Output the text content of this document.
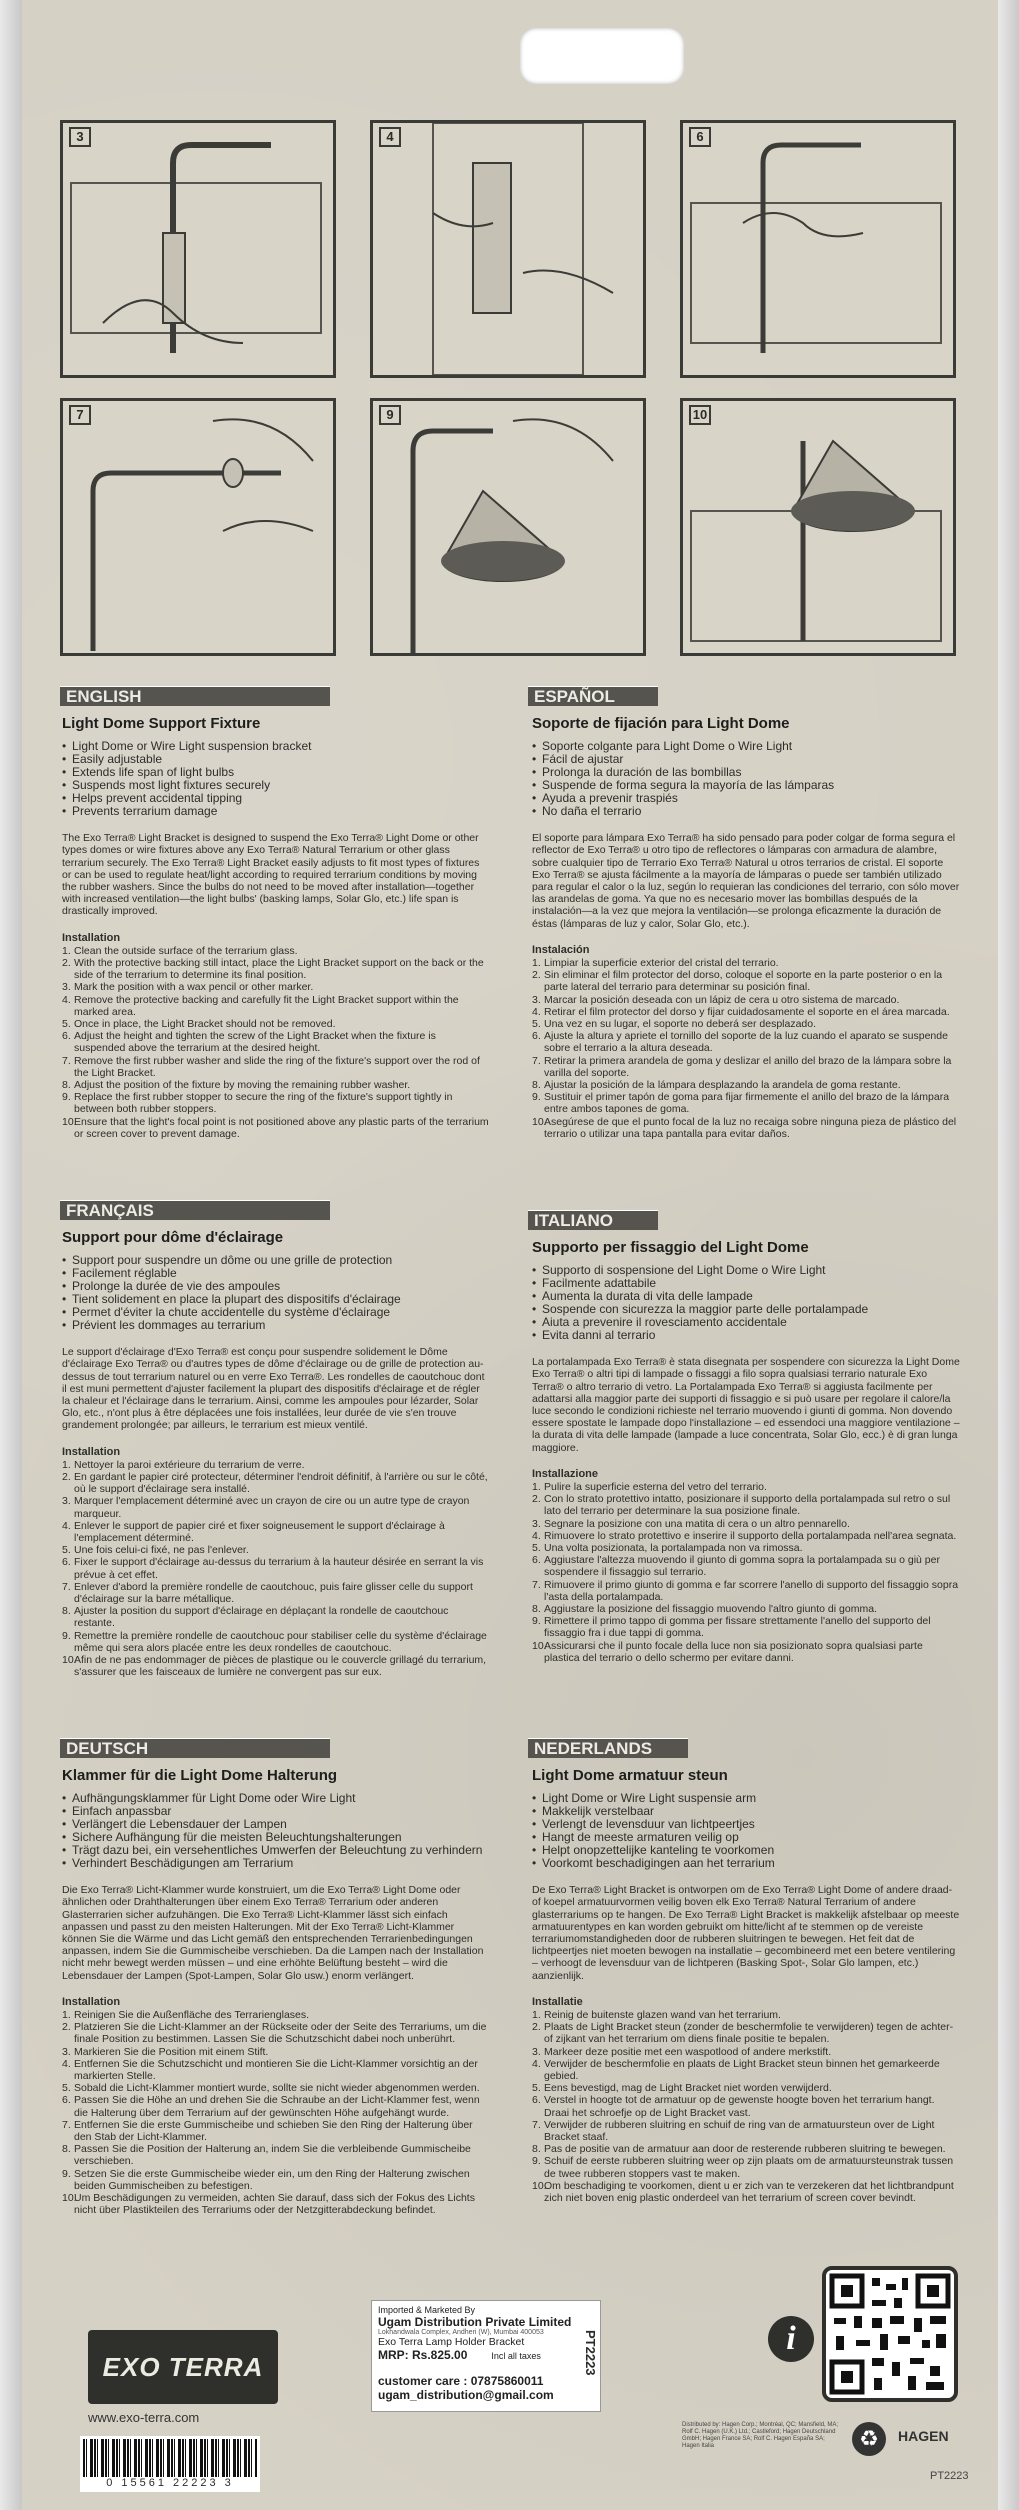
3	4	6
7	9	10
ENGLISH	ESPAÑOL
FRANÇAIS
ITALIANO
DEUTSCH	NEDERLANDS
Light Dome Support Fixture
• Light Dome or Wire Light suspension bracket
• Easily adjustable
• Extends life span of light bulbs
• Suspends most light fixtures securely
• Helps prevent accidental tipping
• Prevents terrarium damage

The Exo Terra® Light Bracket is designed to suspend the Exo Terra® Light Dome or other types domes or wire fixtures above any Exo Terra® Natural Terrarium or other glass terrarium securely. The Exo Terra® Light Bracket easily adjusts to fit most types of fixtures or can be used to regulate heat/light according to required terrarium conditions by moving the rubber washers. Since the bulbs do not need to be moved after installation—together with increased ventilation—the light bulbs' (basking lamps, Solar Glo, etc.) life span is drastically improved.

Installation
1. Clean the outside surface of the terrarium glass.
2. With the protective backing still intact, place the Light Bracket support on the back or the side of the terrarium to determine its final position.
3. Mark the position with a wax pencil or other marker.
4. Remove the protective backing and carefully fit the Light Bracket support within the marked area.
5. Once in place, the Light Bracket should not be removed.
6. Adjust the height and tighten the screw of the Light Bracket when the fixture is suspended above the terrarium at the desired height.
7. Remove the first rubber washer and slide the ring of the fixture's support over the rod of the Light Bracket.
8. Adjust the position of the fixture by moving the remaining rubber washer.
9. Replace the first rubber stopper to secure the ring of the fixture's support tightly in between both rubber stoppers.
10.
Ensure that the light's focal point is not positioned above any plastic parts of the terrarium or screen cover to prevent damage.
Soporte de fijación para Light Dome
• Soporte colgante para Light Dome o Wire Light
• Fácil de ajustar
• Prolonga la duración de las bombillas
• Suspende de forma segura la mayoría de las lámparas
• Ayuda a prevenir traspiés
• No daña el terrario

El soporte para lámpara Exo Terra® ha sido pensado para poder colgar de forma segura el reflector de Exo Terra® u otro tipo de reflectores o lámparas con armadura de alambre, sobre cualquier tipo de Terrario Exo Terra® Natural u otros terrarios de cristal. El soporte Exo Terra® se ajusta fácilmente a la mayoría de lámparas o puede ser también utilizado para regular el calor o la luz, según lo requieran las condiciones del terrario, con sólo mover las arandelas de goma. Ya que no es necesario mover las bombillas después de la instalación—a la vez que mejora la ventilación—se prolonga eficazmente la duración de éstas (lámparas de luz y calor, Solar Glo, etc.).

Instalación
1. Limpiar la superficie exterior del cristal del terrario.
2. Sin eliminar el film protector del dorso, coloque el soporte en la parte posterior o en la parte lateral del terrario para determinar su posición final.
3. Marcar la posición deseada con un lápiz de cera u otro sistema de marcado.
4. Retirar el film protector del dorso y fijar cuidadosamente el soporte en el área marcada.
5. Una vez en su lugar, el soporte no deberá ser desplazado.
6. Ajuste la altura y apriete el tornillo del soporte de la luz cuando el aparato se suspende sobre el terrario a la altura deseada.
7. Retirar la primera arandela de goma y deslizar el anillo del brazo de la lámpara sobre la varilla del soporte.
8. Ajustar la posición de la lámpara desplazando la arandela de goma restante.
9. Sustituir el primer tapón de goma para fijar firmemente el anillo del brazo de la lámpara entre ambos tapones de goma.
10.
Asegúrese de que el punto focal de la luz no recaiga sobre ninguna pieza de plástico del terrario o utilizar una tapa pantalla para evitar daños.
Support pour dôme d'éclairage
• Support pour suspendre un dôme ou une grille de protection
• Facilement réglable
• Prolonge la durée de vie des ampoules
• Tient solidement en place la plupart des dispositifs d'éclairage
• Permet d'éviter la chute accidentelle du système d'éclairage
• Prévient les dommages au terrarium

Le support d'éclairage d'Exo Terra® est conçu pour suspendre solidement le Dôme d'éclairage Exo Terra® ou d'autres types de dôme d'éclairage ou de grille de protection au-dessus de tout terrarium naturel ou en verre Exo Terra®. Les rondelles de caoutchouc dont il est muni permettent d'ajuster facilement la plupart des dispositifs d'éclairage et de régler la chaleur et l'éclairage dans le terrarium. Ainsi, comme les ampoules pour lézarder, Solar Glo, etc., n'ont plus à être déplacées une fois installées, leur durée de vie s'en trouve grandement prolongée; par ailleurs, le terrarium est mieux ventilé.

Installation
1. Nettoyer la paroi extérieure du terrarium de verre.
2. En gardant le papier ciré protecteur, déterminer l'endroit définitif, à l'arrière ou sur le côté, où le support d'éclairage sera installé.
3. Marquer l'emplacement déterminé avec un crayon de cire ou un autre type de crayon marqueur.
4. Enlever le support de papier ciré et fixer soigneusement le support d'éclairage à l'emplacement déterminé.
5. Une fois celui-ci fixé, ne pas l'enlever.
6. Fixer le support d'éclairage au-dessus du terrarium à la hauteur désirée en serrant la vis prévue à cet effet.
7. Enlever d'abord la première rondelle de caoutchouc, puis faire glisser celle du support d'éclairage sur la barre métallique.
8. Ajuster la position du support d'éclairage en déplaçant la rondelle de caoutchouc restante.
9. Remettre la première rondelle de caoutchouc pour stabiliser celle du système d'éclairage même qui sera alors placée entre les deux rondelles de caoutchouc.
10.
Afin de ne pas endommager de pièces de plastique ou le couvercle grillagé du terrarium, s'assurer que les faisceaux de lumière ne convergent pas sur eux.
Supporto per fissaggio del Light Dome
• Supporto di sospensione del Light Dome o Wire Light
• Facilmente adattabile
• Aumenta la durata di vita delle lampade
• Sospende con sicurezza la maggior parte delle portalampade
• Aiuta a prevenire il rovesciamento accidentale
• Evita danni al terrario

La portalampada Exo Terra® è stata disegnata per sospendere con sicurezza la Light Dome Exo Terra® o altri tipi di lampade o fissaggi a filo sopra qualsiasi terrario naturale Exo Terra® o altro terrario di vetro. La Portalampada Exo Terra® si aggiusta facilmente per adattarsi alla maggior parte dei supporti di fissaggio e si può usare per regolare il calore/la luce secondo le condizioni richieste nel terrario muovendo i giunti di gomma. Non dovendo essere spostate le lampade dopo l'installazione – ed essendoci una maggiore ventilazione – la durata di vita delle lampade (lampade a luce concentrata, Solar Glo, ecc.) è di gran lunga maggiore.

Installazione
1. Pulire la superficie esterna del vetro del terrario.
2. Con lo strato protettivo intatto, posizionare il supporto della portalampada sul retro o sul lato del terrario per determinare la sua posizione finale.
3. Segnare la posizione con una matita di cera o un altro pennarello.
4. Rimuovere lo strato protettivo e inserire il supporto della portalampada nell'area segnata.
5. Una volta posizionata, la portalampada non va rimossa.
6. Aggiustare l'altezza muovendo il giunto di gomma sopra la portalampada su o giù per sospendere il fissaggio sul terrario.
7. Rimuovere il primo giunto di gomma e far scorrere l'anello di supporto del fissaggio sopra l'asta della portalampada.
8. Aggiustare la posizione del fissaggio muovendo l'altro giunto di gomma.
9. Rimettere il primo tappo di gomma per fissare strettamente l'anello del supporto del fissaggio fra i due tappi di gomma.
10.
Assicurarsi che il punto focale della luce non sia posizionato sopra qualsiasi parte plastica del terrario o dello schermo per evitare danni.
Klammer für die Light Dome Halterung
• Aufhängungsklammer für Light Dome oder Wire Light
• Einfach anpassbar
• Verlängert die Lebensdauer der Lampen
• Sichere Aufhängung für die meisten Beleuchtungshalterungen
• Trägt dazu bei, ein versehentliches Umwerfen der Beleuchtung zu verhindern
• Verhindert Beschädigungen am Terrarium

Die Exo Terra® Licht-Klammer wurde konstruiert, um die Exo Terra® Light Dome oder ähnlichen oder Drahthalterungen über einem Exo Terra® Terrarium oder anderen Glasterrarien sicher aufzuhängen. Die Exo Terra® Licht-Klammer lässt sich einfach anpassen und passt zu den meisten Halterungen. Mit der Exo Terra® Licht-Klammer können Sie die Wärme und das Licht gemäß den entsprechenden Terrarienbedingungen anpassen, indem Sie die Gummischeibe verschieben. Da die Lampen nach der Installation nicht mehr bewegt werden müssen – und eine erhöhte Belüftung besteht – wird die Lebensdauer der Lampen (Spot-Lampen, Solar Glo usw.) enorm verlängert.

Installation
1. Reinigen Sie die Außenfläche des Terrarienglases.
2. Platzieren Sie die Licht-Klammer an der Rückseite oder der Seite des Terrariums, um die finale Position zu bestimmen. Lassen Sie die Schutzschicht dabei noch unberührt.
3. Markieren Sie die Position mit einem Stift.
4. Entfernen Sie die Schutzschicht und montieren Sie die Licht-Klammer vorsichtig an der markierten Stelle.
5. Sobald die Licht-Klammer montiert wurde, sollte sie nicht wieder abgenommen werden.
6. Passen Sie die Höhe an und drehen Sie die Schraube an der Licht-Klammer fest, wenn die Halterung über dem Terrarium auf der gewünschten Höhe aufgehängt wurde.
7. Entfernen Sie die erste Gummischeibe und schieben Sie den Ring der Halterung über den Stab der Licht-Klammer.
8. Passen Sie die Position der Halterung an, indem Sie die verbleibende Gummischeibe verschieben.
9. Setzen Sie die erste Gummischeibe wieder ein, um den Ring der Halterung zwischen beiden Gummischeiben zu befestigen.
10.
Um Beschädigungen zu vermeiden, achten Sie darauf, dass sich der Fokus des Lichts nicht über Plastikteilen des Terrariums oder der Netzgitterabdeckung befindet.
Light Dome armatuur steun
• Light Dome or Wire Light suspensie arm
• Makkelijk verstelbaar
• Verlengt de levensduur van lichtpeertjes
• Hangt de meeste armaturen veilig op
• Helpt onopzettelijke kanteling te voorkomen
• Voorkomt beschadigingen aan het terrarium

De Exo Terra® Light Bracket is ontworpen om de Exo Terra® Light Dome of andere draad- of koepel armatuurvormen veilig boven elk Exo Terra® Natural Terrarium of andere glasterrariums op te hangen. De Exo Terra® Light Bracket is makkelijk afstelbaar op meeste armatuurentypes en kan worden gebruikt om hitte/licht af te stemmen op de vereiste terrariumomstandigheden door de rubberen sluitringen te bewegen. Het feit dat de lichtpeertjes niet moeten bewogen na installatie – gecombineerd met een betere ventilering – verhoogt de levensduur van de lichtperen (Basking Spot-, Solar Glo lampen, etc.) aanzienlijk.

Installatie
1. Reinig de buitenste glazen wand van het terrarium.
2. Plaats de Light Bracket steun (zonder de beschermfolie te verwijderen) tegen de achter- of zijkant van het terrarium om diens finale positie te bepalen.
3. Markeer deze positie met een waspotlood of andere merkstift.
4. Verwijder de beschermfolie en plaats de Light Bracket steun binnen het gemarkeerde gebied.
5. Eens bevestigd, mag de Light Bracket niet worden verwijderd.
6. Verstel in hoogte tot de armatuur op de gewenste hoogte boven het terrarium hangt. Draai het schroefje op de Light Bracket vast.
7. Verwijder de rubberen sluitring en schuif de ring van de armatuursteun over de Light Bracket staaf.
8. Pas de positie van de armatuur aan door de resterende rubberen sluitring te bewegen.
9. Schuif de eerste rubberen sluitring weer op zijn plaats om de armatuursteunstrak tussen de twee rubberen stoppers vast te maken.
10.
Om beschadiging te voorkomen, dient u er zich van te verzekeren dat het lichtbrandpunt zich niet boven enig plastic onderdeel van het terrarium of screen cover bevindt.
EXO TERRA
www.exo-terra.com
0 15561 22223 3
Imported & Marketed By
Ugam Distribution Private Limited
Lokhandwala Complex, Andheri (W), Mumbai 400053
Exo Terra Lamp Holder Bracket
MRP: Rs.825.00	Incl all taxes
customer care : 07875860011
ugam_distribution@gmail.com
PT2223	i
Distributed by: Hagen Corp.; Montréal, QC; Mansfield, MA; Rolf C. Hagen (U.K.) Ltd.; Castleford; Hagen Deutschland GmbH; Hagen France SA; Rolf C. Hagen España SA; Hagen Italia	♻	HAGEN
PT2223
